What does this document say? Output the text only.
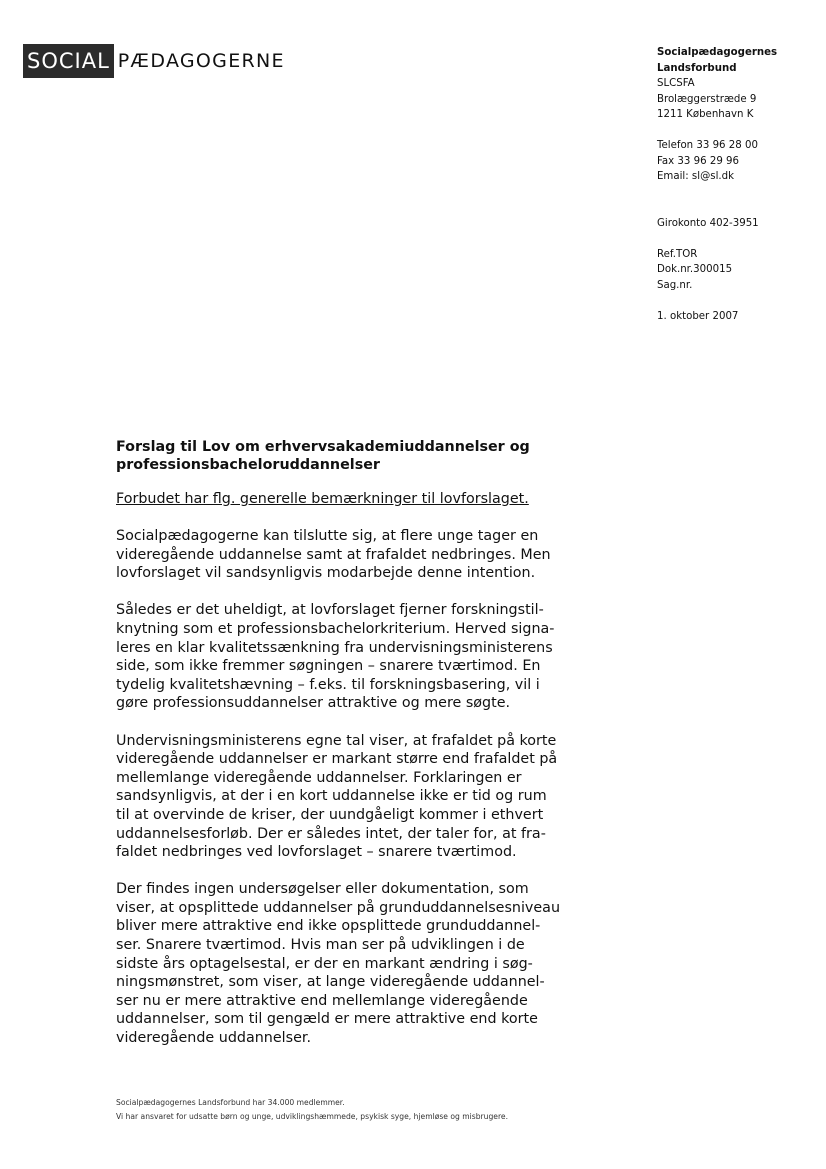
SOCIAL PÆDAGOGERNE	Socialpædagogernes
Landsforbund
SLCSFA
Brolæggerstræde 9
1211 København K
Telefon 33 96 28 00
Fax 33 96 29 96
Email: sl@sl.dk
Girokonto 402-3951
Ref.TOR
Dok.nr.300015
Sag.nr.
1. oktober 2007
Forslag til Lov om erhvervsakademiuddannelser og
professionsbacheloruddannelser
Forbudet har flg. generelle bemærkninger til lovforslaget.

Socialpædagogerne kan tilslutte sig, at flere unge tager en
videregående uddannelse samt at frafaldet nedbringes. Men
lovforslaget vil sandsynligvis modarbejde denne intention.

Således er det uheldigt, at lovforslaget fjerner forskningstil-
knytning som et professionsbachelorkriterium. Herved signa-
leres en klar kvalitetssænkning fra undervisningsministerens
side, som ikke fremmer søgningen – snarere tværtimod. En
tydelig kvalitetshævning – f.eks. til forskningsbasering, vil i
gøre professionsuddannelser attraktive og mere søgte.

Undervisningsministerens egne tal viser, at frafaldet på korte
videregående uddannelser er markant større end frafaldet på
mellemlange videregående uddannelser. Forklaringen er
sandsynligvis, at der i en kort uddannelse ikke er tid og rum
til at overvinde de kriser, der uundgåeligt kommer i ethvert
uddannelsesforløb. Der er således intet, der taler for, at fra-
faldet nedbringes ved lovforslaget – snarere tværtimod.

Der findes ingen undersøgelser eller dokumentation, som
viser, at opsplittede uddannelser på grunduddannelsesniveau
bliver mere attraktive end ikke opsplittede grunduddannel-
ser. Snarere tværtimod. Hvis man ser på udviklingen i de
sidste års optagelsestal, er der en markant ændring i søg-
ningsmønstret, som viser, at lange videregående uddannel-
ser nu er mere attraktive end mellemlange videregående
uddannelser, som til gengæld er mere attraktive end korte
videregående uddannelser.

Socialpædagogernes Landsforbund har 34.000 medlemmer.
Vi har ansvaret for udsatte børn og unge, udviklingshæmmede, psykisk syge, hjemløse og misbrugere.
